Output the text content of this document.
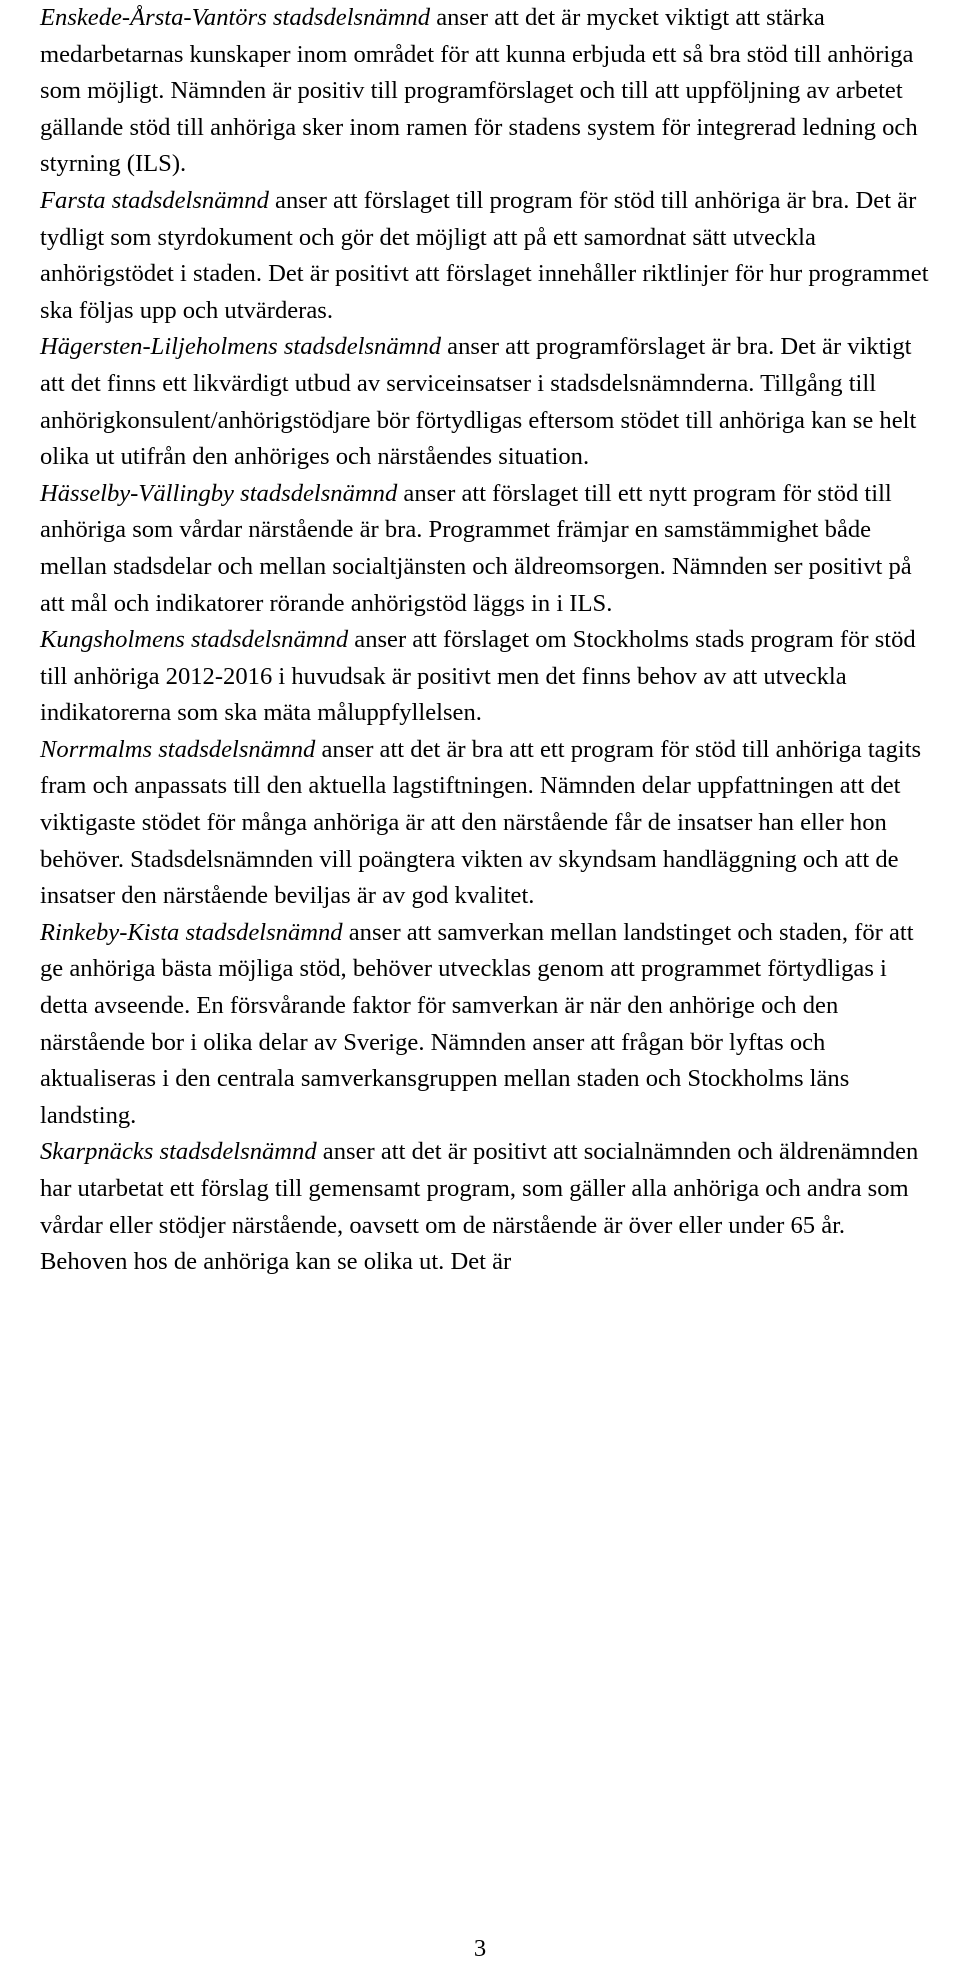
Enskede-Årsta-Vantörs stadsdelsnämnd anser att det är mycket viktigt att stärka medarbetarnas kunskaper inom området för att kunna erbjuda ett så bra stöd till anhöriga som möjligt. Nämnden är positiv till programförslaget och till att uppföljning av arbetet gällande stöd till anhöriga sker inom ramen för stadens system för integrerad ledning och styrning (ILS).

Farsta stadsdelsnämnd anser att förslaget till program för stöd till anhöriga är bra. Det är tydligt som styrdokument och gör det möjligt att på ett samordnat sätt utveckla anhörigstödet i staden. Det är positivt att förslaget innehåller riktlinjer för hur programmet ska följas upp och utvärderas.

Hägersten-Liljeholmens stadsdelsnämnd anser att programförslaget är bra. Det är viktigt att det finns ett likvärdigt utbud av serviceinsatser i stadsdelsnämnderna. Tillgång till anhörigkonsulent/anhörigstödjare bör förtydligas eftersom stödet till anhöriga kan se helt olika ut utifrån den anhöriges och närståendes situation.

Hässelby-Vällingby stadsdelsnämnd anser att förslaget till ett nytt program för stöd till anhöriga som vårdar närstående är bra. Programmet främjar en samstämmighet både mellan stadsdelar och mellan socialtjänsten och äldreomsorgen. Nämnden ser positivt på att mål och indikatorer rörande anhörigstöd läggs in i ILS.

Kungsholmens stadsdelsnämnd anser att förslaget om Stockholms stads program för stöd till anhöriga 2012-2016 i huvudsak är positivt men det finns behov av att utveckla indikatorerna som ska mäta måluppfyllelsen.

Norrmalms stadsdelsnämnd anser att det är bra att ett program för stöd till anhöriga tagits fram och anpassats till den aktuella lagstiftningen. Nämnden delar uppfattningen att det viktigaste stödet för många anhöriga är att den närstående får de insatser han eller hon behöver. Stadsdelsnämnden vill poängtera vikten av skyndsam handläggning och att de insatser den närstående beviljas är av god kvalitet.

Rinkeby-Kista stadsdelsnämnd anser att samverkan mellan landstinget och staden, för att ge anhöriga bästa möjliga stöd, behöver utvecklas genom att programmet förtydligas i detta avseende. En försvårande faktor för samverkan är när den anhörige och den närstående bor i olika delar av Sverige. Nämnden anser att frågan bör lyftas och aktualiseras i den centrala samverkansgruppen mellan staden och Stockholms läns landsting.

Skarpnäcks stadsdelsnämnd anser att det är positivt att socialnämnden och äldrenämnden har utarbetat ett förslag till gemensamt program, som gäller alla anhöriga och andra som vårdar eller stödjer närstående, oavsett om de närstående är över eller under 65 år. Behoven hos de anhöriga kan se olika ut. Det är

3
